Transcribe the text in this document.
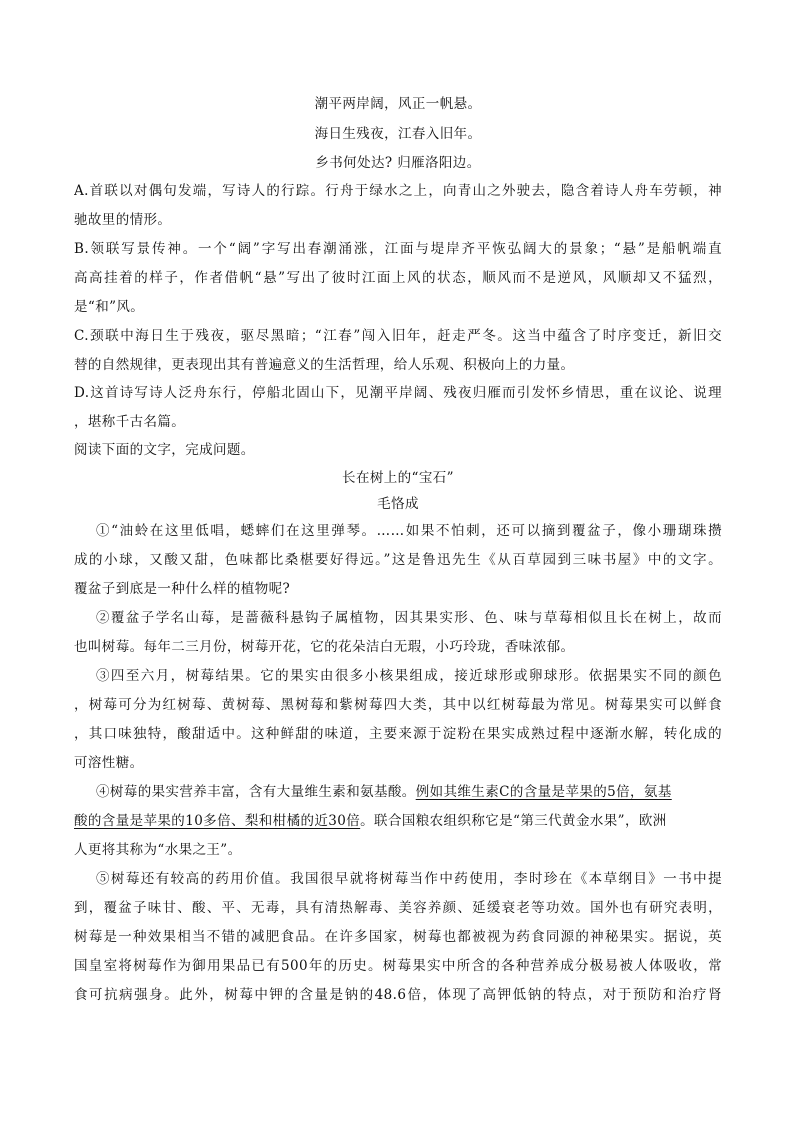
潮平两岸阔，风正一帆悬。
海日生残夜，江春入旧年。
乡书何处达? 归雁洛阳边。
A.首联以对偶句发端，写诗人的行踪。行舟于绿水之上，向青山之外驶去，隐含着诗人舟车劳顿，神
驰故里的情形。
B.领联写景传神。一个“阔”字写出春潮涌涨，江面与堤岸齐平恢弘阔大的景象；“悬”是船帆端直
高高挂着的样子，作者借帆“悬”写出了彼时江面上风的状态，顺风而不是逆风，风顺却又不猛烈，
是“和”风。
C.颈联中海日生于残夜，驱尽黑暗；“江春”闯入旧年，赶走严冬。这当中蕴含了时序变迁，新旧交
替的自然规律，更表现出其有普遍意义的生活哲理，给人乐观、积极向上的力量。
D.这首诗写诗人泛舟东行，停船北固山下，见潮平岸阔、残夜归雁而引发怀乡情思，重在议论、说理
，堪称千古名篇。
阅读下面的文字，完成问题。
长在树上的“宝石”
毛恪成
①“油蛉在这里低唱，蟋蟀们在这里弹琴。……如果不怕刺，还可以摘到覆盆子，像小珊瑚珠攒
成的小球，又酸又甜，色味都比桑椹要好得远。”这是鲁迅先生《从百草园到三味书屋》中的文字。
覆盆子到底是一种什么样的植物呢?
②覆盆子学名山莓，是蔷薇科悬钩子属植物，因其果实形、色、味与草莓相似且长在树上，故而
也叫树莓。每年二三月份，树莓开花，它的花朵洁白无瑕，小巧玲珑，香味浓郁。
③四至六月，树莓结果。它的果实由很多小核果组成，接近球形或卵球形。依据果实不同的颜色
，树莓可分为红树莓、黄树莓、黑树莓和紫树莓四大类，其中以红树莓最为常见。树莓果实可以鲜食
，其口味独特，酸甜适中。这种鲜甜的味道，主要来源于淀粉在果实成熟过程中逐渐水解，转化成的
可溶性糖。
④树莓的果实营养丰富，含有大量维生素和氨基酸。例如其维生素C的含量是苹果的5倍，氨基
酸的含量是苹果的10多倍、梨和柑橘的近30倍。联合国粮农组织称它是“第三代黄金水果”，欧洲
人更将其称为“水果之王”。
⑤树莓还有较高的药用价值。我国很早就将树莓当作中药使用，李时珍在《本草纲目》一书中提
到，覆盆子味甘、酸、平、无毒，具有清热解毒、美容养颜、延缓衰老等功效。国外也有研究表明，
树莓是一种效果相当不错的减肥食品。在许多国家，树莓也都被视为药食同源的神秘果实。据说，英
国皇室将树莓作为御用果品已有500年的历史。树莓果实中所含的各种营养成分极易被人体吸收，常
食可抗病强身。此外，树莓中钾的含量是钠的48.6倍，体现了高钾低钠的特点，对于预防和治疗肾
